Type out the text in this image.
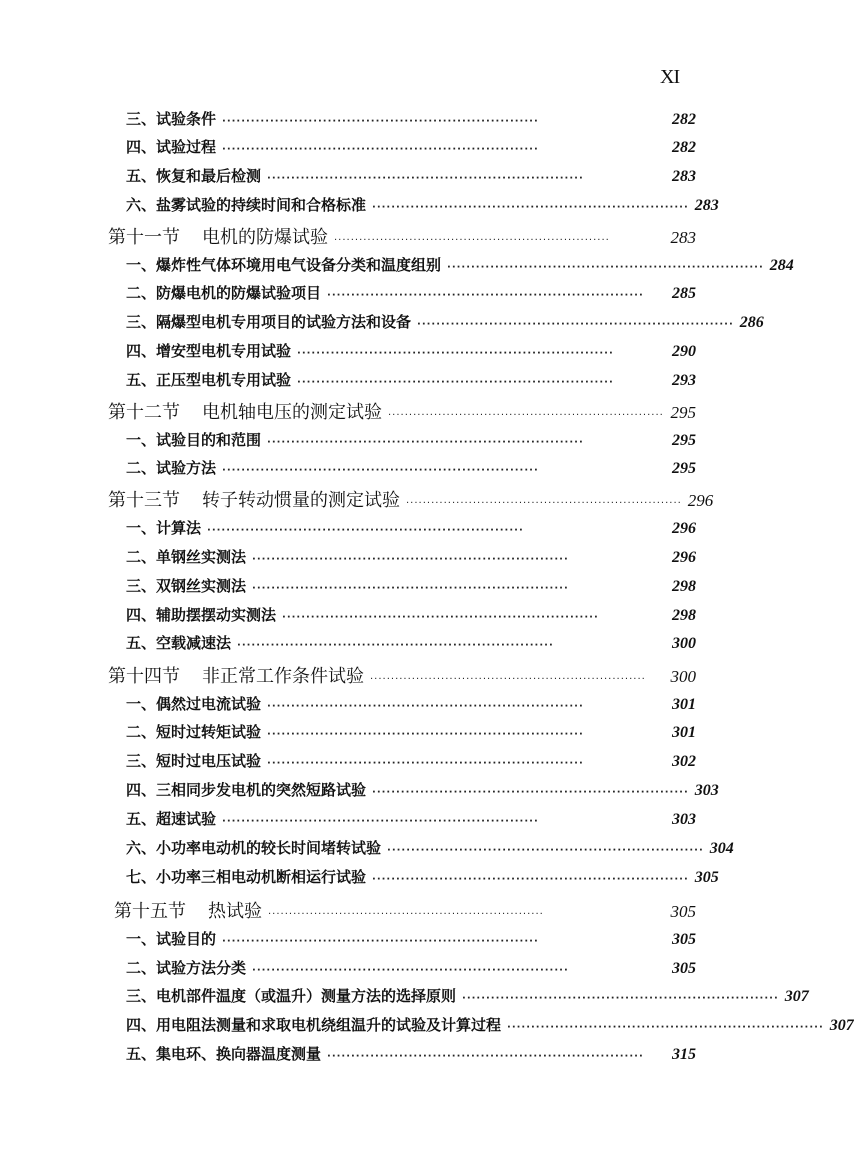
XI
三、试验条件 ··································································	282
四、试验过程 ··································································	282
五、恢复和最后检测 ··································································	283
六、盐雾试验的持续时间和合格标准 ·································································· 283
第十一节 电机的防爆试验 ··································································	283
一、爆炸性气体环境用电气设备分类和温度组别 ·································································· 284
二、防爆电机的防爆试验项目 ··································································	285
三、隔爆型电机专用项目的试验方法和设备 ·································································· 286
四、增安型电机专用试验 ··································································	290
五、正压型电机专用试验 ··································································	293
第十二节 电机轴电压的测定试验 ·································································· 295
一、试验目的和范围 ··································································	295
二、试验方法 ··································································	295
第十三节 转子转动惯量的测定试验 ·································································· 296
一、计算法 ··································································	296
二、单钢丝实测法 ··································································	296
三、双钢丝实测法 ··································································	298
四、辅助摆摆动实测法 ··································································	298
五、空载减速法 ··································································	300
第十四节 非正常工作条件试验 ··································································	300
一、偶然过电流试验 ··································································	301
二、短时过转矩试验 ··································································	301
三、短时过电压试验 ··································································	302
四、三相同步发电机的突然短路试验 ·································································· 303
五、超速试验 ··································································	303
六、小功率电动机的较长时间堵转试验 ·································································· 304
七、小功率三相电动机断相运行试验 ·································································· 305
第十五节 热试验 ··································································	305
一、试验目的 ··································································	305
二、试验方法分类 ··································································	305
三、电机部件温度（或温升）测量方法的选择原则 ·································································· 307
四、用电阻法测量和求取电机绕组温升的试验及计算过程 ·································································· 307
五、集电环、换向器温度测量 ··································································	315
